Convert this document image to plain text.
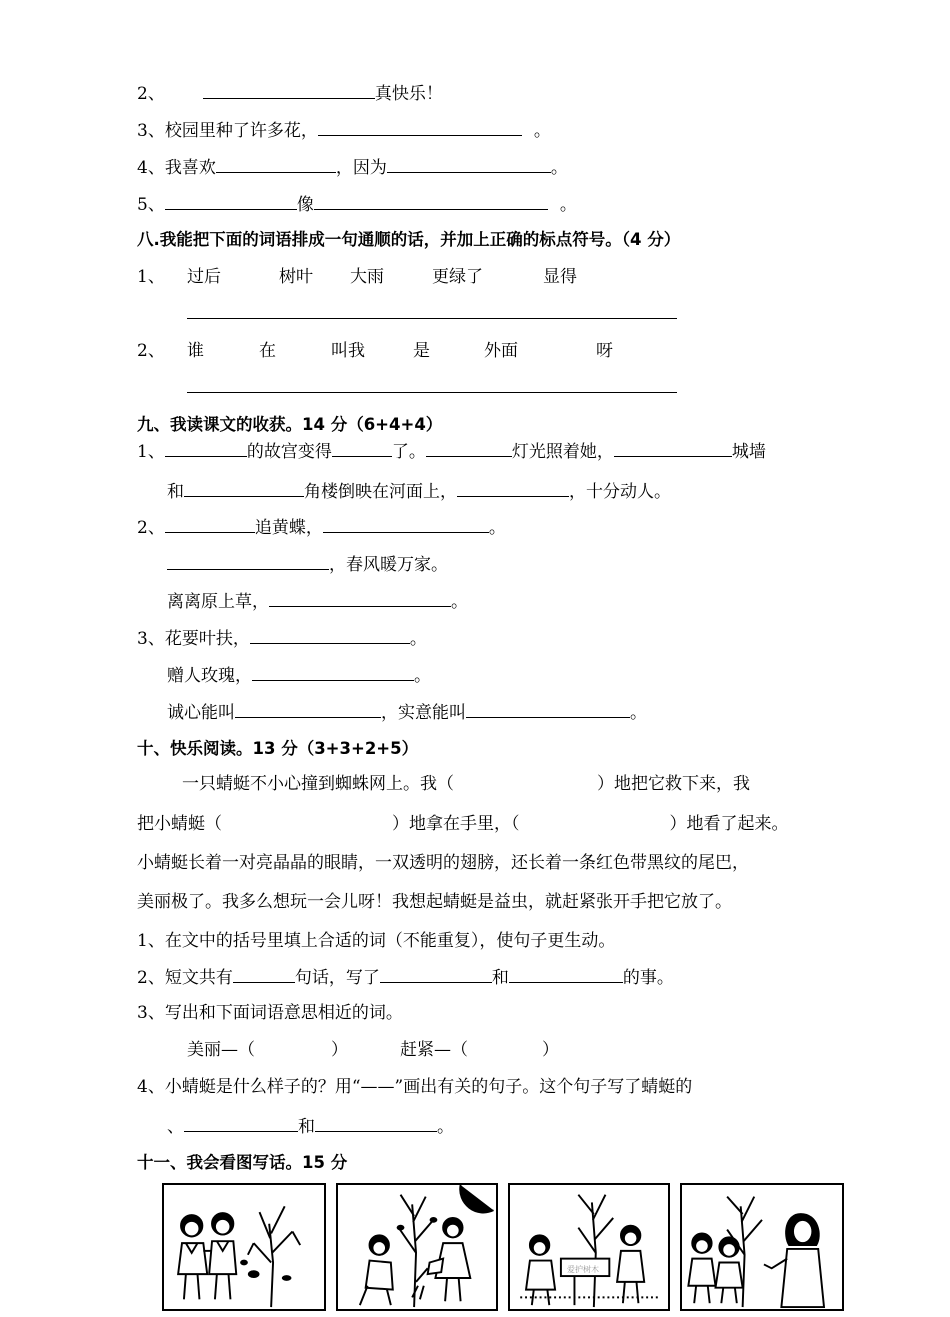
2、	真快乐！
3、校园里种了许多花，	。
4、我喜欢	，因为	。
5、	像	。
八.我能把下面的词语排成一句通顺的话，并加上正确的标点符号。（4 分）
1、 过后	树叶 大雨	更绿了	显得
2、 谁	在	叫我	是	外面	呀
九、我读课文的收获。14 分（6+4+4）
1、	的故宫变得	了。	灯光照着她，	城墙
和	角楼倒映在河面上，	，十分动人。
2、	追黄蝶，	。
，春风暖万家。
离离原上草，	。
3、花要叶扶，	。
赠人玫瑰，	。
诚心能叫	，实意能叫	。
十、快乐阅读。13 分（3+3+2+5）
一只蜻蜓不小心撞到蜘蛛网上。我（	）地把它救下来，我
把小蜻蜓（	）地拿在手里，（	）地看了起来。
小蜻蜓长着一对亮晶晶的眼睛，一双透明的翅膀，还长着一条红色带黑纹的尾巴，
美丽极了。我多么想玩一会儿呀！我想起蜻蜓是益虫，就赶紧张开手把它放了。
1、在文中的括号里填上合适的词（不能重复），使句子更生动。
2、短文共有	句话，写了	和	的事。
3、写出和下面词语意思相近的词。
美丽—（	）	赶紧—（	）
4、小蜻蜓是什么样子的？用“——”画出有关的句子。这个句子写了蜻蜓的
、	和	。
十一、我会看图写话。15 分
爱护树木
